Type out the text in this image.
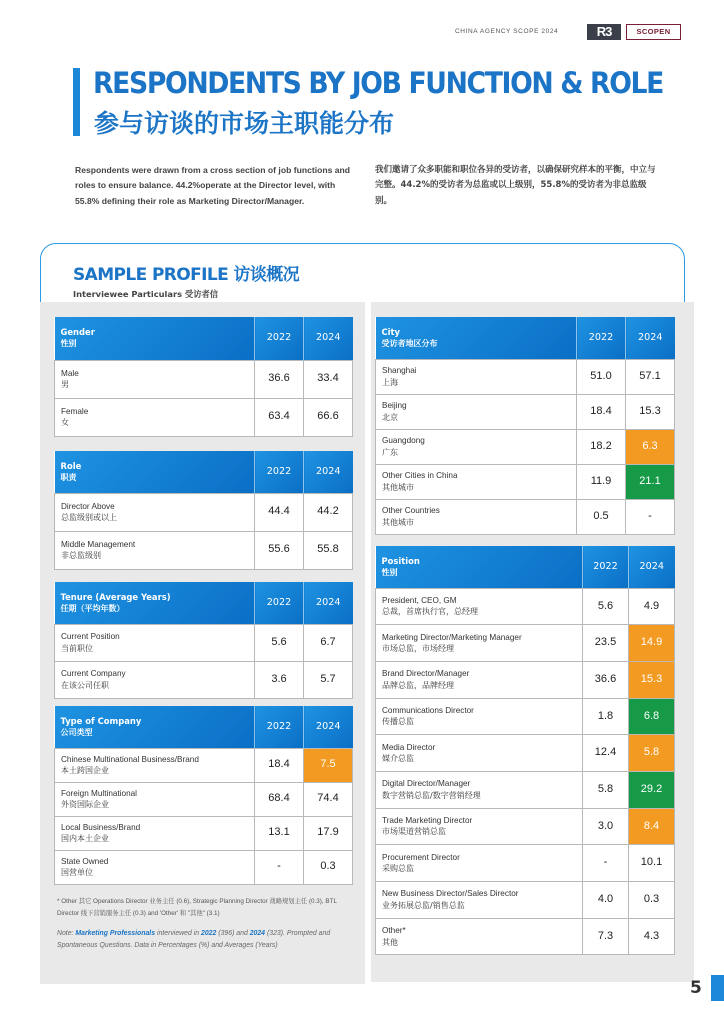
CHINA AGENCY SCOPE 2024	R3	SCOPEN
RESPONDENTS BY JOB FUNCTION & ROLE
参与访谈的市场主职能分布
Respondents were drawn from a cross section of job functions and roles to ensure balance. 44.2%operate at the Director level, with 55.8% defining their role as Marketing Director/Manager.
我们邀请了众多职能和职位各异的受访者，以确保研究样本的平衡，中立与完整。44.2%的受访者为总监或以上级别，55.8%的受访者为非总监级别。
SAMPLE PROFILE 访谈概况
Interviewee Particulars 受访者信
Gender
性别	2022	2024
Male
男	36.6	33.4
Female
女	63.4	66.6
Role
职责	2022	2024
Director Above
总监级别或以上	44.4	44.2
Middle Management
非总监级别	55.6	55.8
Tenure (Average Years)
任期（平均年数）	2022	2024
Current Position
当前职位	5.6	6.7
Current Company
在该公司任职	3.6	5.7
Type of Company
公司类型	2022	2024
Chinese Multinational Business/Brand
本土跨国企业	18.4	7.5
Foreign Multinational
外资国际企业	68.4	74.4
Local Business/Brand
国内本土企业	13.1	17.9
State Owned
国营单位	-	0.3
City
受访者地区分布	2022	2024
Shanghai
上海	51.0	57.1
Beijing
北京	18.4	15.3
Guangdong
广东	18.2	6.3
Other Cities in China
其他城市	11.9	21.1
Other Countries
其他城市	0.5	-
Position
性别	2022	2024
President, CEO, GM
总裁，首席执行官，总经理	5.6	4.9
Marketing Director/Marketing Manager
市场总监，市场经理	23.5	14.9
Brand Director/Manager
品牌总监，品牌经理	36.6	15.3
Communications Director
传播总监	1.8	6.8
Media Director
媒介总监	12.4	5.8
Digital Director/Manager
数字营销总监/数字营销经理	5.8	29.2
Trade Marketing Director
市场渠道营销总监	3.0	8.4
Procurement Director
采购总监	-	10.1
New Business Director/Sales Director
业务拓展总监/销售总监	4.0	0.3
Other*
其他	7.3	4.3
* Other 其它 Operations Director 业务主任 (0.6), Strategic Planning Director 战略规划主任 (0.3), BTL Director 线下营销服务主任 (0.3) and 'Other' 和 "其他" (3.1)
Note: Marketing Professionals interviewed in 2022 (396) and 2024 (323). Prompted and Spontaneous Questions. Data in Percentages (%) and Averages (Years)
5
